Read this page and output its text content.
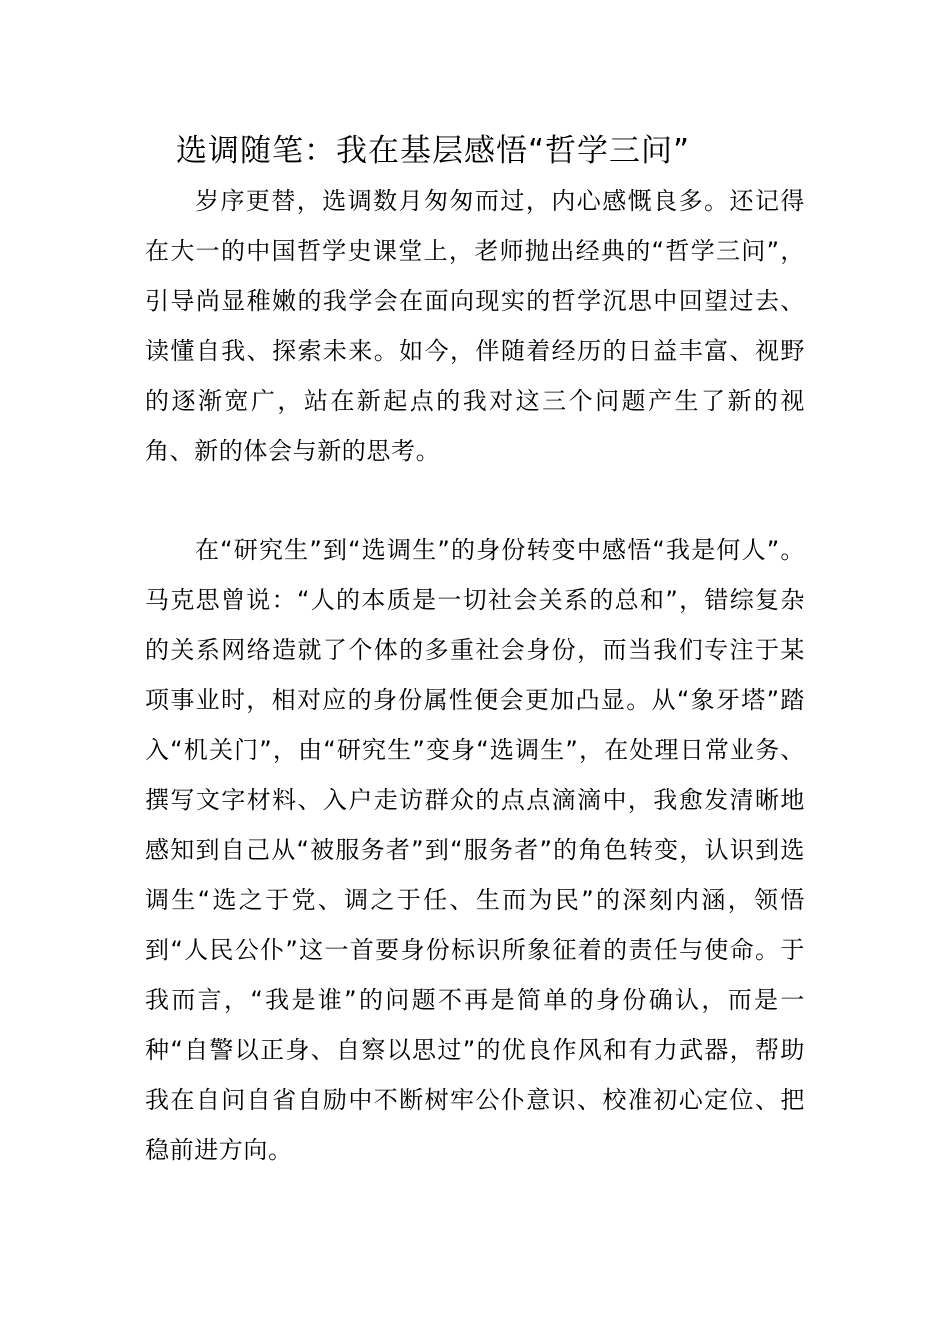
选调随笔：我在基层感悟“哲学三问”

岁序更替，选调数月匆匆而过，内心感慨良多。还记得在大一的中国哲学史课堂上，老师抛出经典的“哲学三问”，引导尚显稚嫩的我学会在面向现实的哲学沉思中回望过去、读懂自我、探索未来。如今，伴随着经历的日益丰富、视野的逐渐宽广，站在新起点的我对这三个问题产生了新的视角、新的体会与新的思考。

在“研究生”到“选调生”的身份转变中感悟“我是何人”。马克思曾说：“人的本质是一切社会关系的总和”，错综复杂的关系网络造就了个体的多重社会身份，而当我们专注于某项事业时，相对应的身份属性便会更加凸显。从“象牙塔”踏入“机关门”，由“研究生”变身“选调生”，在处理日常业务、撰写文字材料、入户走访群众的点点滴滴中，我愈发清晰地感知到自己从“被服务者”到“服务者”的角色转变，认识到选调生“选之于党、调之于任、生而为民”的深刻内涵，领悟到“人民公仆”这一首要身份标识所象征着的责任与使命。于我而言，“我是谁”的问题不再是简单的身份确认，而是一种“自警以正身、自察以思过”的优良作风和有力武器，帮助我在自问自省自励中不断树牢公仆意识、校准初心定位、把稳前进方向。
